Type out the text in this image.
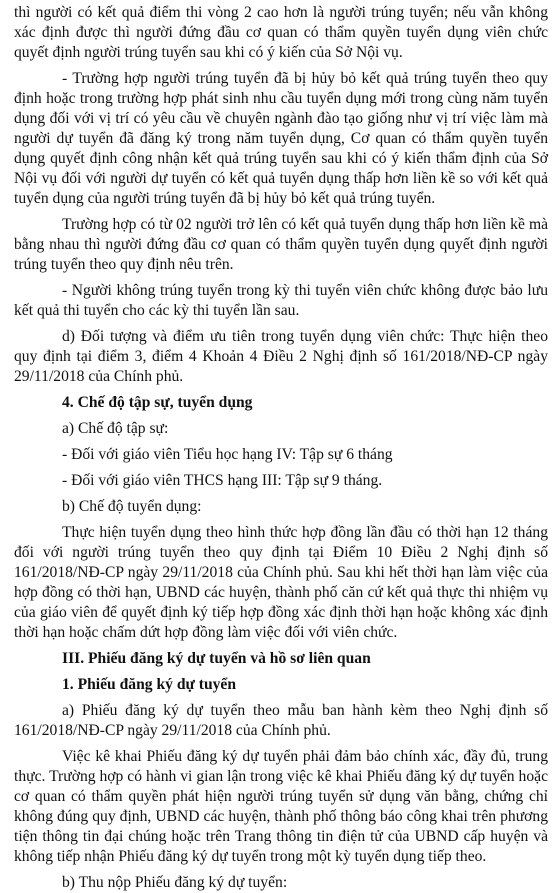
thì người có kết quả điểm thi vòng 2 cao hơn là người trúng tuyển; nếu vẫn không xác định được thì người đứng đầu cơ quan có thẩm quyền tuyển dụng viên chức quyết định người trúng tuyển sau khi có ý kiến của Sở Nội vụ.

- Trường hợp người trúng tuyển đã bị hủy bỏ kết quả trúng tuyển theo quy định hoặc trong trường hợp phát sinh nhu cầu tuyển dụng mới trong cùng năm tuyển dụng đối với vị trí có yêu cầu về chuyên ngành đào tạo giống như vị trí việc làm mà người dự tuyển đã đăng ký trong năm tuyển dụng, Cơ quan có thẩm quyền tuyển dụng quyết định công nhận kết quả trúng tuyển sau khi có ý kiến thẩm định của Sở Nội vụ đối với người dự tuyển có kết quả tuyển dụng thấp hơn liền kề so với kết quả tuyển dụng của người trúng tuyển đã bị hủy bỏ kết quả trúng tuyển.

Trường hợp có từ 02 người trở lên có kết quả tuyển dụng thấp hơn liền kề mà bằng nhau thì người đứng đầu cơ quan có thẩm quyền tuyển dụng quyết định người trúng tuyển theo quy định nêu trên.

- Người không trúng tuyển trong kỳ thi tuyển viên chức không được bảo lưu kết quả thi tuyển cho các kỳ thi tuyển lần sau.

d) Đối tượng và điểm ưu tiên trong tuyển dụng viên chức: Thực hiện theo quy định tại điểm 3, điểm 4 Khoản 4 Điều 2 Nghị định số 161/2018/NĐ-CP ngày 29/11/2018 của Chính phủ.

4. Chế độ tập sự, tuyển dụng

a) Chế độ tập sự:

- Đối với giáo viên Tiểu học hạng IV: Tập sự 6 tháng

- Đối với giáo viên THCS hạng III: Tập sự 9 tháng.

b) Chế độ tuyển dụng:

Thực hiện tuyển dụng theo hình thức hợp đồng lần đầu có thời hạn 12 tháng đối với người trúng tuyển theo quy định tại Điểm 10 Điều 2 Nghị định số 161/2018/NĐ-CP ngày 29/11/2018 của Chính phủ. Sau khi hết thời hạn làm việc của hợp đồng có thời hạn, UBND các huyện, thành phố căn cứ kết quả thực thi nhiệm vụ của giáo viên để quyết định ký tiếp hợp đồng xác định thời hạn hoặc không xác định thời hạn hoặc chấm dứt hợp đồng làm việc đối với viên chức.

III. Phiếu đăng ký dự tuyển và hồ sơ liên quan

1. Phiếu đăng ký dự tuyển

a) Phiếu đăng ký dự tuyển theo mẫu ban hành kèm theo Nghị định số 161/2018/NĐ-CP ngày 29/11/2018 của Chính phủ.

Việc kê khai Phiếu đăng ký dự tuyển phải đảm bảo chính xác, đầy đủ, trung thực. Trường hợp có hành vi gian lận trong việc kê khai Phiếu đăng ký dự tuyển hoặc cơ quan có thẩm quyền phát hiện người trúng tuyển sử dụng văn bằng, chứng chỉ không đúng quy định, UBND các huyện, thành phố thông báo công khai trên phương tiện thông tin đại chúng hoặc trên Trang thông tin điện tử của UBND cấp huyện và không tiếp nhận Phiếu đăng ký dự tuyển trong một kỳ tuyển dụng tiếp theo.

b) Thu nộp Phiếu đăng ký dự tuyển:
